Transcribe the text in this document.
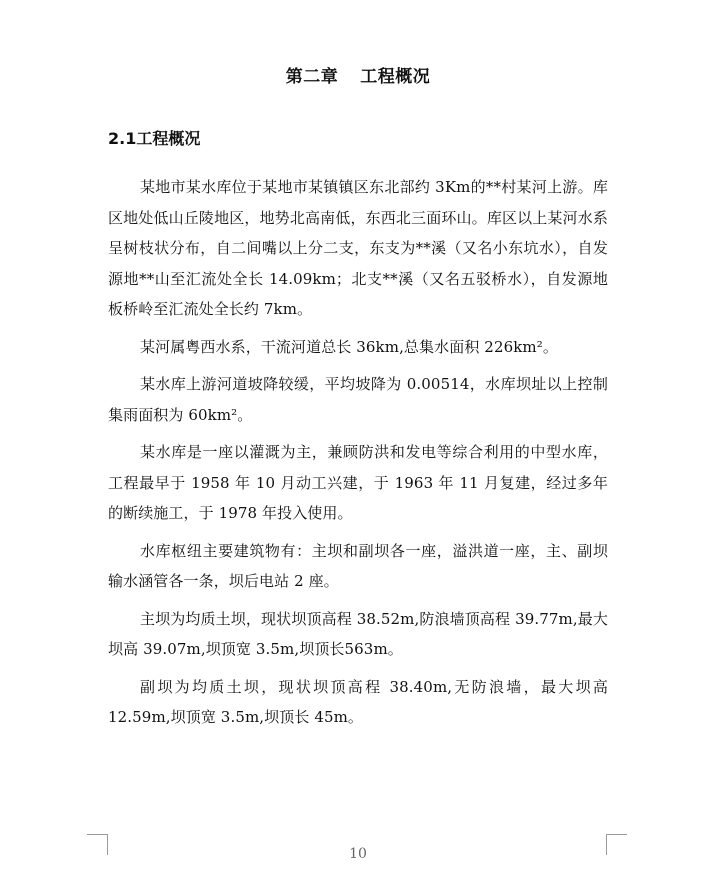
第二章 工程概况
2.1工程概况

某地市某水库位于某地市某镇镇区东北部约 3Km的**村某河上游。库区地处低山丘陵地区，地势北高南低，东西北三面环山。库区以上某河水系呈树枝状分布，自二间嘴以上分二支，东支为**溪（又名小东坑水），自发源地**山至汇流处全长 14.09km；北支**溪（又名五驳桥水），自发源地板桥岭至汇流处全长约 7km。

某河属粤西水系，干流河道总长 36km,总集水面积 226km²。

某水库上游河道坡降较缓，平均坡降为 0.00514，水库坝址以上控制集雨面积为 60km²。

某水库是一座以灌溉为主，兼顾防洪和发电等综合利用的中型水库，工程最早于 1958 年 10 月动工兴建，于 1963 年 11 月复建，经过多年的断续施工，于 1978 年投入使用。

水库枢纽主要建筑物有：主坝和副坝各一座，溢洪道一座，主、副坝输水涵管各一条，坝后电站 2 座。

主坝为均质土坝，现状坝顶高程 38.52m,防浪墙顶高程 39.77m,最大坝高 39.07m,坝顶宽 3.5m,坝顶长563m。

副坝为均质土坝，现状坝顶高程 38.40m,无防浪墙，最大坝高 12.59m,坝顶宽 3.5m,坝顶长 45m。

10
